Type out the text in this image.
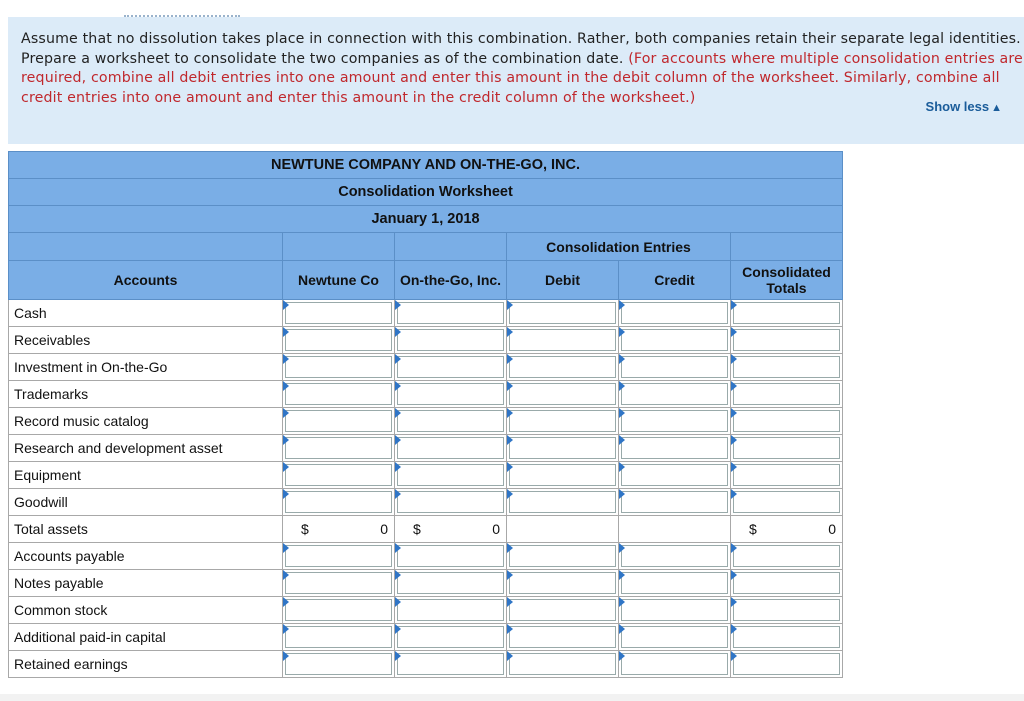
Assume that no dissolution takes place in connection with this combination. Rather, both companies retain their separate legal identities. Prepare a worksheet to consolidate the two companies as of the combination date. (For accounts where multiple consolidation entries are required, combine all debit entries into one amount and enter this amount in the debit column of the worksheet. Similarly, combine all credit entries into one amount and enter this amount in the credit column of the worksheet.)
Show less ▲
NEWTUNE COMPANY AND ON-THE-GO, INC.					
Consolidation Worksheet					
January 1, 2018					
			Consolidation Entries		
Accounts	Newtune Co	On-the-Go, Inc.	Debit	Credit	Consolidated Totals
Cash	

Receivables	

Investment in On-the-Go	

Trademarks	

Record music catalog	

Research and development asset	

Equipment	

Goodwill	

Total assets	$ 0	$ 0			$ 0

Accounts payable	

Notes payable	

Common stock	

Additional paid-in capital	

Retained earnings	
